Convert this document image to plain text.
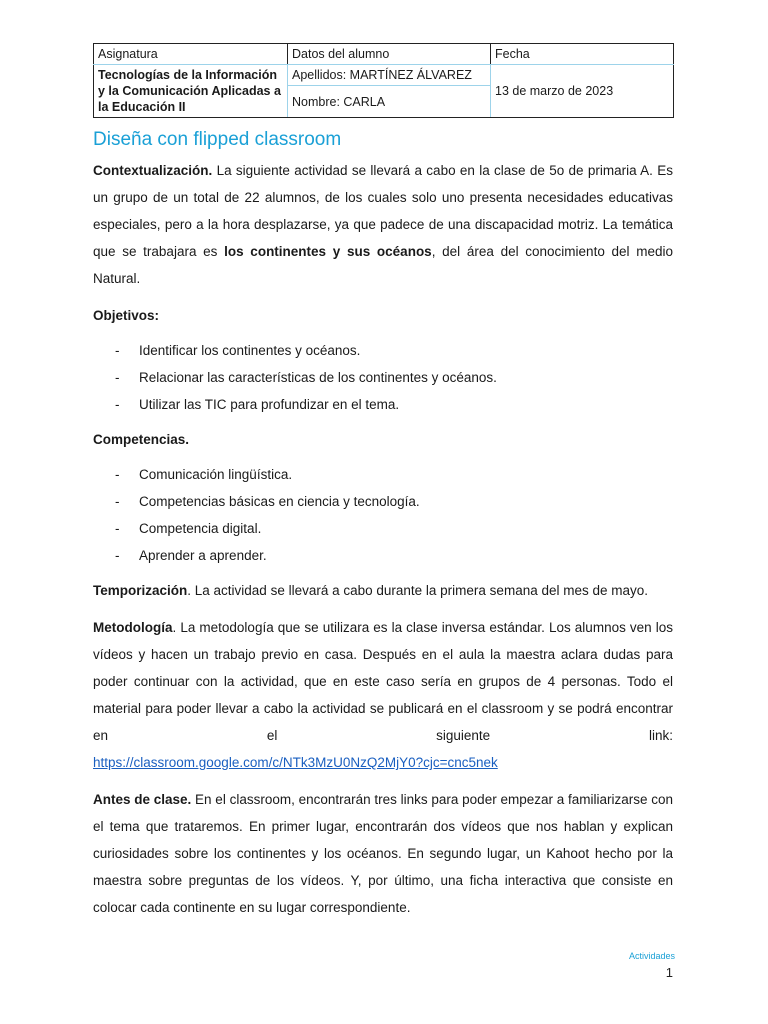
Asignatura	Datos del alumno	Fecha
Tecnologías de la Información y la Comunicación Aplicadas a la Educación II	Apellidos: MARTÍNEZ ÁLVAREZ	13 de marzo de 2023
	Nombre: CARLA	
Diseña con flipped classroom

Contextualización. La siguiente actividad se llevará a cabo en la clase de 5o de primaria A. Es un grupo de un total de 22 alumnos, de los cuales solo uno presenta necesidades educativas especiales, pero a la hora desplazarse, ya que padece de una discapacidad motriz. La temática que se trabajara es los continentes y sus océanos, del área del conocimiento del medio Natural.

Objetivos:

- Identificar los continentes y océanos.
- Relacionar las características de los continentes y océanos.
- Utilizar las TIC para profundizar en el tema.

Competencias.

- Comunicación lingüística.
- Competencias básicas en ciencia y tecnología.
- Competencia digital.
- Aprender a aprender.

Temporización. La actividad se llevará a cabo durante la primera semana del mes de mayo.

Metodología. La metodología que se utilizara es la clase inversa estándar. Los alumnos ven los vídeos y hacen un trabajo previo en casa. Después en el aula la maestra aclara dudas para poder continuar con la actividad, que en este caso sería en grupos de 4 personas. Todo el material para poder llevar a cabo la actividad se publicará en el classroom y se podrá encontrar en el siguiente link:

https://classroom.google.com/c/NTk3MzU0NzQ2MjY0?cjc=cnc5nek

Antes de clase. En el classroom, encontrarán tres links para poder empezar a familiarizarse con el tema que trataremos. En primer lugar, encontrarán dos vídeos que nos hablan y explican curiosidades sobre los continentes y los océanos. En segundo lugar, un Kahoot hecho por la maestra sobre preguntas de los vídeos. Y, por último, una ficha interactiva que consiste en colocar cada continente en su lugar correspondiente.

Actividades
1
